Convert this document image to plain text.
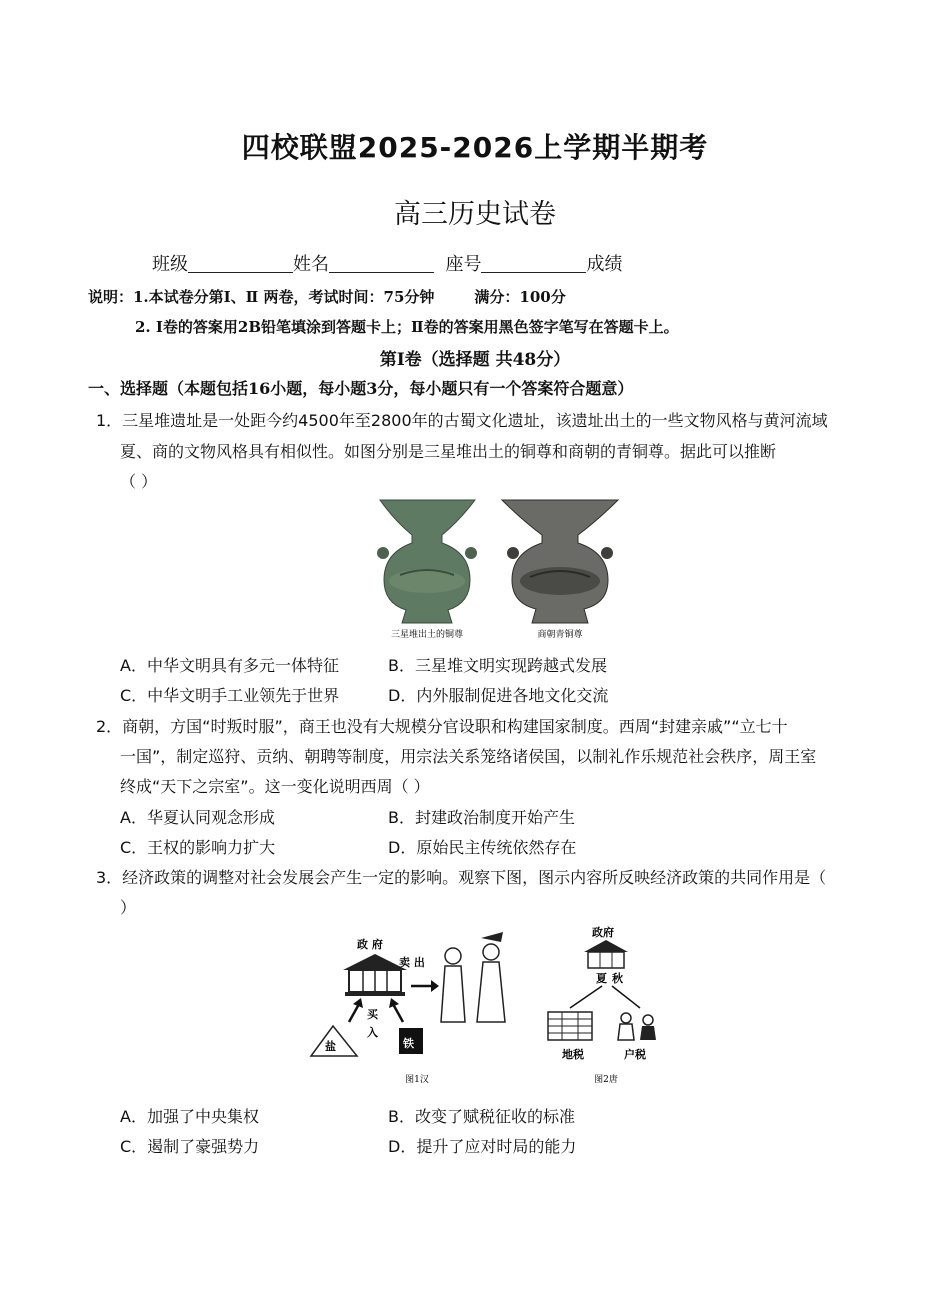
四校联盟2025-2026上学期半期考
高三历史试卷
班级	姓名	座号	成绩
说明：1.本试卷分第Ⅰ、Ⅱ 两卷，考试时间：75分钟	满分：100分
2. Ⅰ卷的答案用2B铅笔填涂到答题卡上；Ⅱ卷的答案用黑色签字笔写在答题卡上。
第Ⅰ卷（选择题 共48分）
一、选择题（本题包括16小题，每小题3分，每小题只有一个答案符合题意）
1．三星堆遗址是一处距今约4500年至2800年的古蜀文化遗址，该遗址出土的一些文物风格与黄河流域
夏、商的文物风格具有相似性。如图分别是三星堆出土的铜尊和商朝的青铜尊。据此可以推断
（ ）
三星堆出土的铜尊	商朝青铜尊
A．中华文明具有多元一体特征	B．三星堆文明实现跨越式发展
C．中华文明手工业领先于世界	D．内外服制促进各地文化交流
2．商朝，方国“时叛时服”，商王也没有大规模分官设职和构建国家制度。西周“封建亲戚”“立七十
一国”，制定巡狩、贡纳、朝聘等制度，用宗法关系笼络诸侯国，以制礼作乐规范社会秩序，周王室
终成“天下之宗室”。这一变化说明西周（ ）
A．华夏认同观念形成	B．封建政治制度开始产生
C．王权的影响力扩大	D．原始民主传统依然存在
3．经济政策的调整对社会发展会产生一定的影响。观察下图，图示内容所反映经济政策的共同作用是（
）
政 府
卖 出
买
入
盐	铁
图1汉
政府
夏 秋
地税	户税
图2唐
A．加强了中央集权	B．改变了赋税征收的标准
C．遏制了豪强势力	D．提升了应对时局的能力
